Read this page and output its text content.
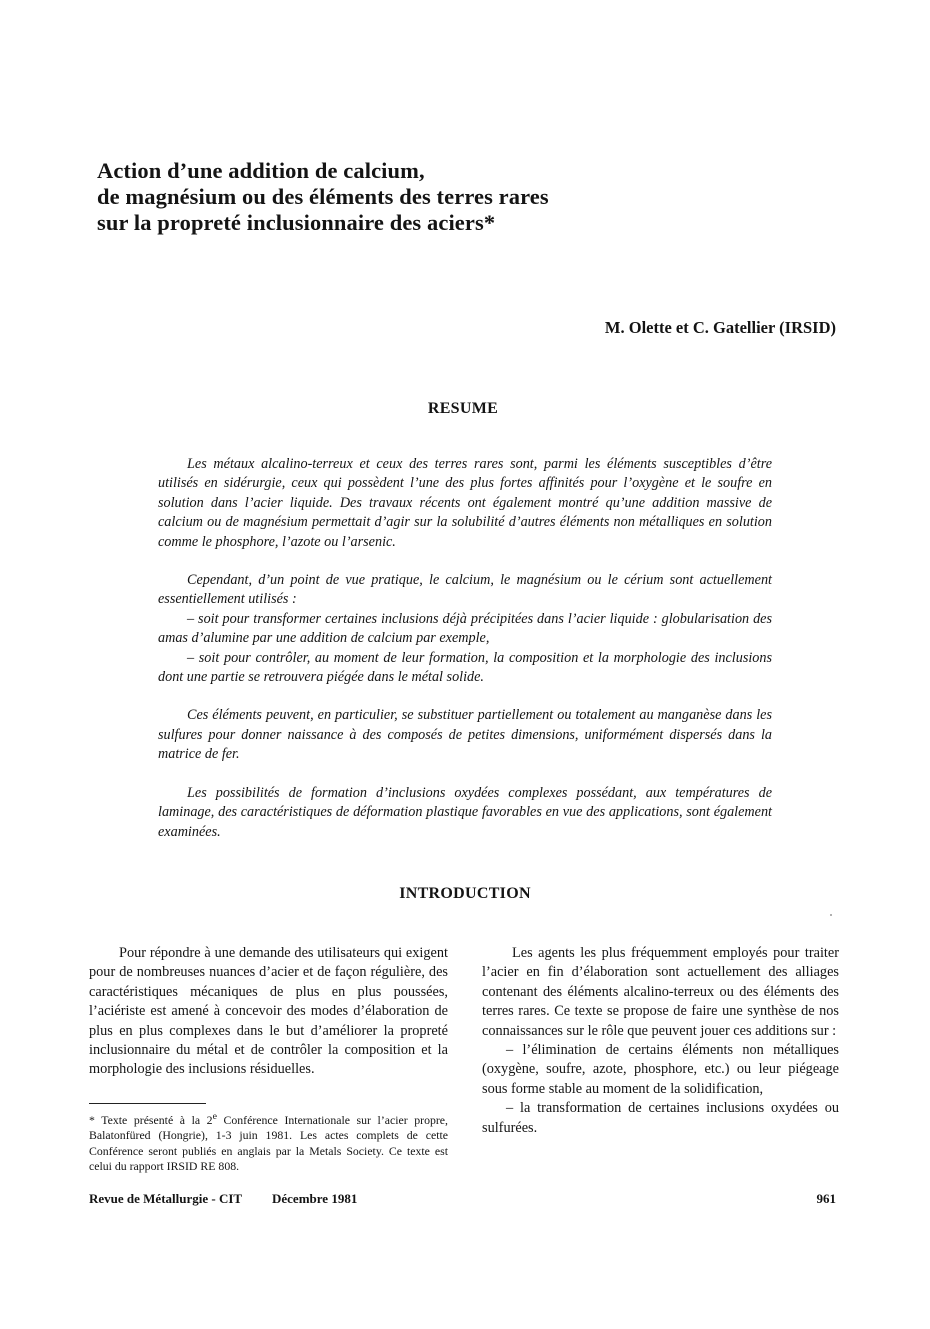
Action d’une addition de calcium,
de magnésium ou des éléments des terres rares
sur la propreté inclusionnaire des aciers*
M. Olette et C. Gatellier (IRSID)
RESUME

Les métaux alcalino-terreux et ceux des terres rares sont, parmi les éléments susceptibles d’être utilisés en sidérurgie, ceux qui possèdent l’une des plus fortes affinités pour l’oxygène et le soufre en solution dans l’acier liquide. Des travaux récents ont également montré qu’une addition massive de calcium ou de magnésium permettait d’agir sur la solubilité d’autres éléments non métalliques en solution comme le phosphore, l’azote ou l’arsenic.

Cependant, d’un point de vue pratique, le calcium, le magnésium ou le cérium sont actuellement essentiellement utilisés :
– soit pour transformer certaines inclusions déjà précipitées dans l’acier liquide : globularisation des amas d’alumine par une addition de calcium par exemple,
– soit pour contrôler, au moment de leur formation, la composition et la morphologie des inclusions dont une partie se retrouvera piégée dans le métal solide.

Ces éléments peuvent, en particulier, se substituer partiellement ou totalement au manganèse dans les sulfures pour donner naissance à des composés de petites dimensions, uniformément dispersés dans la matrice de fer.

Les possibilités de formation d’inclusions oxydées complexes possédant, aux températures de laminage, des caractéristiques de déformation plastique favorables en vue des applications, sont également examinées.

INTRODUCTION

Pour répondre à une demande des utilisateurs qui exigent pour de nombreuses nuances d’acier et de façon régulière, des caractéristiques mécaniques de plus en plus poussées, l’aciériste est amené à concevoir des modes d’élaboration de plus en plus complexes dans le but d’améliorer la propreté inclusionnaire du métal et de contrôler la composition et la morphologie des inclusions résiduelles.

* Texte présenté à la 2e Conférence Internationale sur l’acier propre, Balatonfüred (Hongrie), 1-3 juin 1981. Les actes complets de cette Conférence seront publiés en anglais par la Metals Society. Ce texte est celui du rapport IRSID RE 808.

Les agents les plus fréquemment employés pour traiter l’acier en fin d’élaboration sont actuellement des alliages contenant des éléments alcalino-terreux ou des éléments des terres rares. Ce texte se propose de faire une synthèse de nos connaissances sur le rôle que peuvent jouer ces additions sur :

– l’élimination de certains éléments non métalliques (oxygène, soufre, azote, phosphore, etc.) ou leur piégeage sous forme stable au moment de la solidification,
– la transformation de certaines inclusions oxydées ou sulfurées.
Revue de Métallurgie - CIT Décembre 1981	961
